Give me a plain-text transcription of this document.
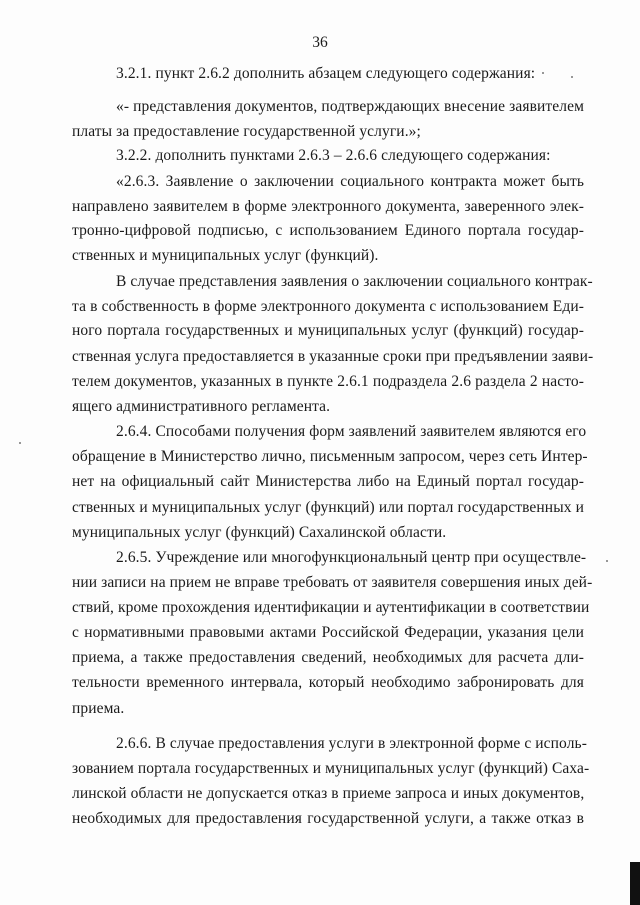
36
3.2.1. пункт 2.6.2 дополнить абзацем следующего содержания:
«- представления документов, подтверждающих внесение заявителем
платы за предоставление государственной услуги.»;
3.2.2. дополнить пунктами 2.6.3 – 2.6.6 следующего содержания:
«2.6.3. Заявление о заключении социального контракта может быть
направлено заявителем в форме электронного документа, заверенного элек-
тронно-цифровой подписью, с использованием Единого портала государ-
ственных и муниципальных услуг (функций).
В случае представления заявления о заключении социального контрак-
та в собственность в форме электронного документа с использованием Еди-
ного портала государственных и муниципальных услуг (функций) государ-
ственная услуга предоставляется в указанные сроки при предъявлении заяви-
телем документов, указанных в пункте 2.6.1 подраздела 2.6 раздела 2 насто-
ящего административного регламента.
2.6.4. Способами получения форм заявлений заявителем являются его
обращение в Министерство лично, письменным запросом, через сеть Интер-
нет на официальный сайт Министерства либо на Единый портал государ-
ственных и муниципальных услуг (функций) или портал государственных и
муниципальных услуг (функций) Сахалинской области.
2.6.5. Учреждение или многофункциональный центр при осуществле-
нии записи на прием не вправе требовать от заявителя совершения иных дей-
ствий, кроме прохождения идентификации и аутентификации в соответствии
с нормативными правовыми актами Российской Федерации, указания цели
приема, а также предоставления сведений, необходимых для расчета дли-
тельности временного интервала, который необходимо забронировать для
приема.
2.6.6. В случае предоставления услуги в электронной форме с исполь-
зованием портала государственных и муниципальных услуг (функций) Саха-
линской области не допускается отказ в приеме запроса и иных документов,
необходимых для предоставления государственной услуги, а также отказ в
